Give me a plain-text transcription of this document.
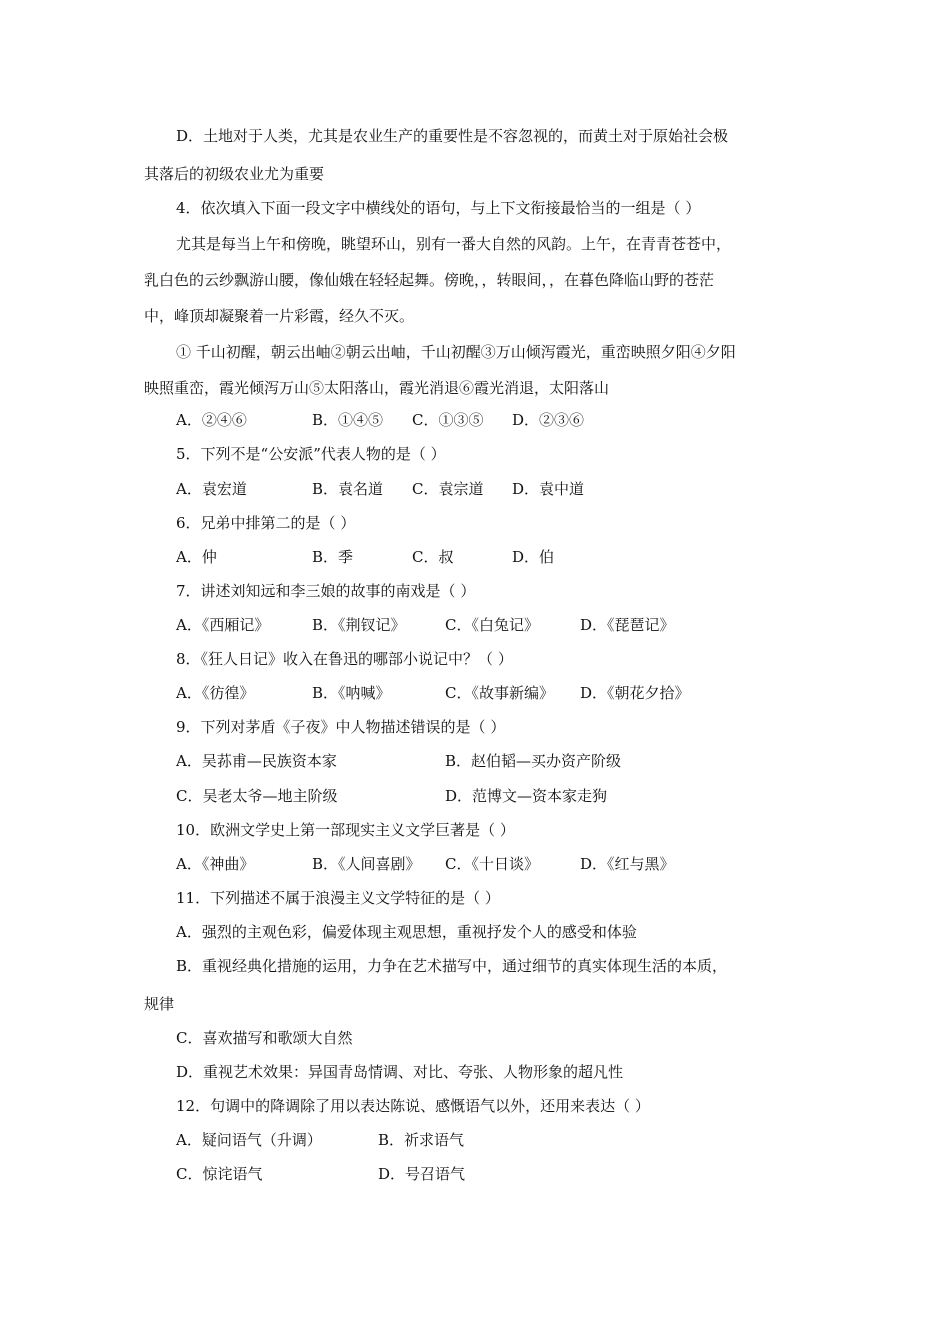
D．土地对于人类，尤其是农业生产的重要性是不容忽视的，而黄土对于原始社会极
其落后的初级农业尤为重要
4．依次填入下面一段文字中横线处的语句，与上下文衔接最恰当的一组是（ ）
尤其是每当上午和傍晚，眺望环山，别有一番大自然的风韵。上午，在青青苍苍中，
乳白色的云纱飘游山腰，像仙娥在轻轻起舞。傍晚，，转眼间，，在暮色降临山野的苍茫
中，峰顶却凝聚着一片彩霞，经久不灭。
① 千山初醒，朝云出岫②朝云出岫，千山初醒③万山倾泻霞光，重峦映照夕阳④夕阳
映照重峦，霞光倾泻万山⑤太阳落山，霞光消退⑥霞光消退，太阳落山
A．②④⑥	B．①④⑤ C．①③⑤ D．②③⑥
5．下列不是“公安派”代表人物的是（ ）
A．袁宏道	B．袁名道 C．袁宗道 D．袁中道
6．兄弟中排第二的是（ ）
A．仲	B．季	C．叔	D．伯
7．讲述刘知远和李三娘的故事的南戏是（ ）
A．《西厢记》	B．《荆钗记》	C．《白兔记》	D．《琵琶记》
8．《狂人日记》收入在鲁迅的哪部小说记中？（ ）
A．《彷徨》	B．《呐喊》	C．《故事新编》 D．《朝花夕拾》
9．下列对茅盾《子夜》中人物描述错误的是（ ）
A．吴荪甫—民族资本家	B．赵伯韬—买办资产阶级
C．吴老太爷—地主阶级	D．范博文—资本家走狗
10．欧洲文学史上第一部现实主义文学巨著是（ ）
A．《神曲》	B．《人间喜剧》 C．《十日谈》	D．《红与黑》
11．下列描述不属于浪漫主义文学特征的是（ ）
A．强烈的主观色彩，偏爱体现主观思想，重视抒发个人的感受和体验
B．重视经典化措施的运用，力争在艺术描写中，通过细节的真实体现生活的本质，
规律
C．喜欢描写和歌颂大自然
D．重视艺术效果：异国青岛情调、对比、夸张、人物形象的超凡性
12．句调中的降调除了用以表达陈说、感慨语气以外，还用来表达（ ）
A．疑问语气（升调）	B．祈求语气
C．惊诧语气	D．号召语气
